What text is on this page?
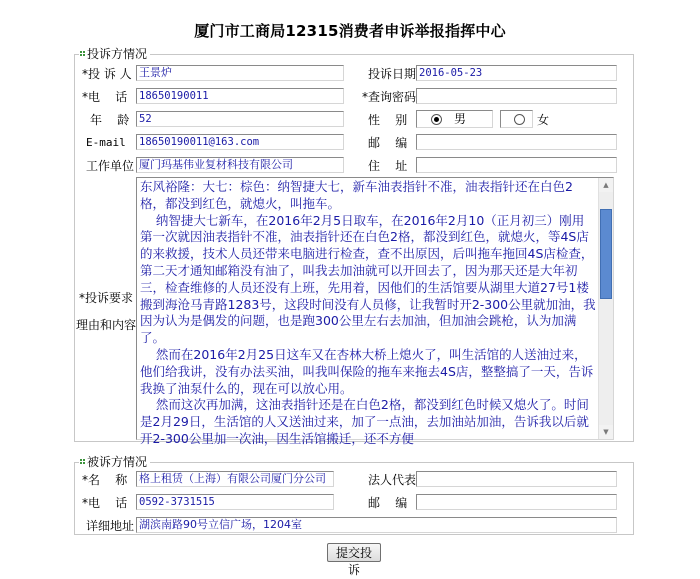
厦门市工商局12315消费者申诉举报指挥中心
投诉方情况
*投 诉 人 王景炉	投诉日期 2016-05-23
*电    话 18650190011	*查询密码
年    龄 52	性    别	男	女
E-mail 18650190011@163.com	邮    编
工作单位 厦门玛基伟业复材科技有限公司	住    址
*投诉要求
理由和内容
东风裕隆：大七：棕色：纳智捷大七，新车油表指针不准，油表指针还在白色2格，都没到红色，就熄火，叫拖车。
纳智捷大七新车，在2016年2月5日取车，在2016年2月10（正月初三）刚用第一次就因油表指针不准，油表指针还在白色2格，都没到红色，就熄火，等4S店的来救援，技术人员还带来电脑进行检查，查不出原因，后叫拖车拖回4S店检查，第二天才通知邮箱没有油了，叫我去加油就可以开回去了，因为那天还是大年初三，检查维修的人员还没有上班，先用着，因他们的生活馆要从湖里大道27号1楼搬到海沧马青路1283号，这段时间没有人员修，让我暂时开2-300公里就加油，我因为认为是偶发的问题，也是跑300公里左右去加油，但加油会跳枪，认为加满了。
然而在2016年2月25日这车又在杏林大桥上熄火了，叫生活馆的人送油过来，他们给我讲，没有办法买油，叫我叫保险的拖车来拖去4S店，整整搞了一天，告诉我换了油泵什么的，现在可以放心用。
然而这次再加满，这油表指针还是在白色2格，都没到红色时候又熄火了。时间是2月29日，生活馆的人又送油过来，加了一点油，去加油站加油，告诉我以后就开2-300公里加一次油，因生活馆搬迁，还不方便
▲
▼
被诉方情况
*名    称 格上租赁（上海）有限公司厦门分公司	法人代表
*电    话 0592-3731515	邮    编
详细地址 湖滨南路90号立信广场，1204室
提交投诉
